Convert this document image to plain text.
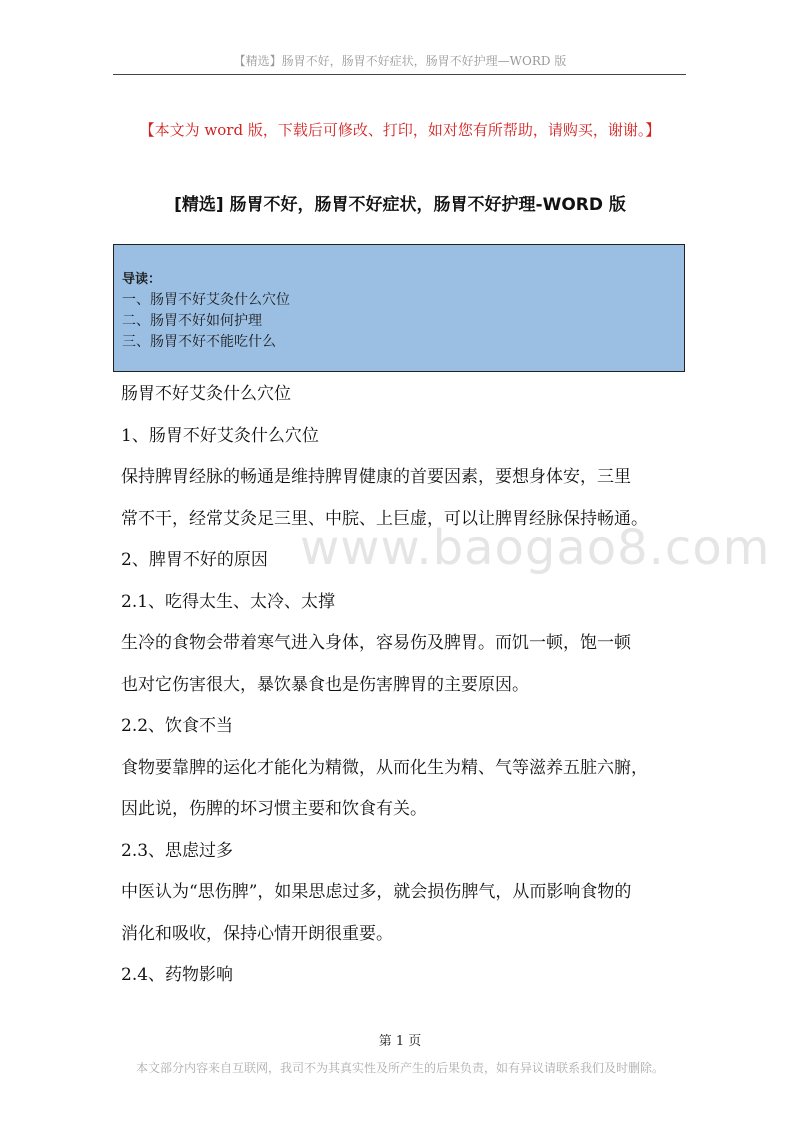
【精选】肠胃不好，肠胃不好症状，肠胃不好护理—WORD 版
【本文为 word 版，下载后可修改、打印，如对您有所帮助，请购买，谢谢。】
[精选] 肠胃不好，肠胃不好症状，肠胃不好护理-WORD 版
导读：
一、肠胃不好艾灸什么穴位
二、肠胃不好如何护理
三、肠胃不好不能吃什么
www.baogao8.com

肠胃不好艾灸什么穴位

1、肠胃不好艾灸什么穴位

保持脾胃经脉的畅通是维持脾胃健康的首要因素，要想身体安，三里

常不干，经常艾灸足三里、中脘、上巨虚，可以让脾胃经脉保持畅通。

2、脾胃不好的原因

2.1、吃得太生、太冷、太撑

生冷的食物会带着寒气进入身体，容易伤及脾胃。而饥一顿，饱一顿

也对它伤害很大，暴饮暴食也是伤害脾胃的主要原因。

2.2、饮食不当

食物要靠脾的运化才能化为精微，从而化生为精、气等滋养五脏六腑，

因此说，伤脾的坏习惯主要和饮食有关。

2.3、思虑过多

中医认为“思伤脾”，如果思虑过多，就会损伤脾气，从而影响食物的

消化和吸收，保持心情开朗很重要。

2.4、药物影响

第 1 页
本文部分内容来自互联网，我司不为其真实性及所产生的后果负责，如有异议请联系我们及时删除。
